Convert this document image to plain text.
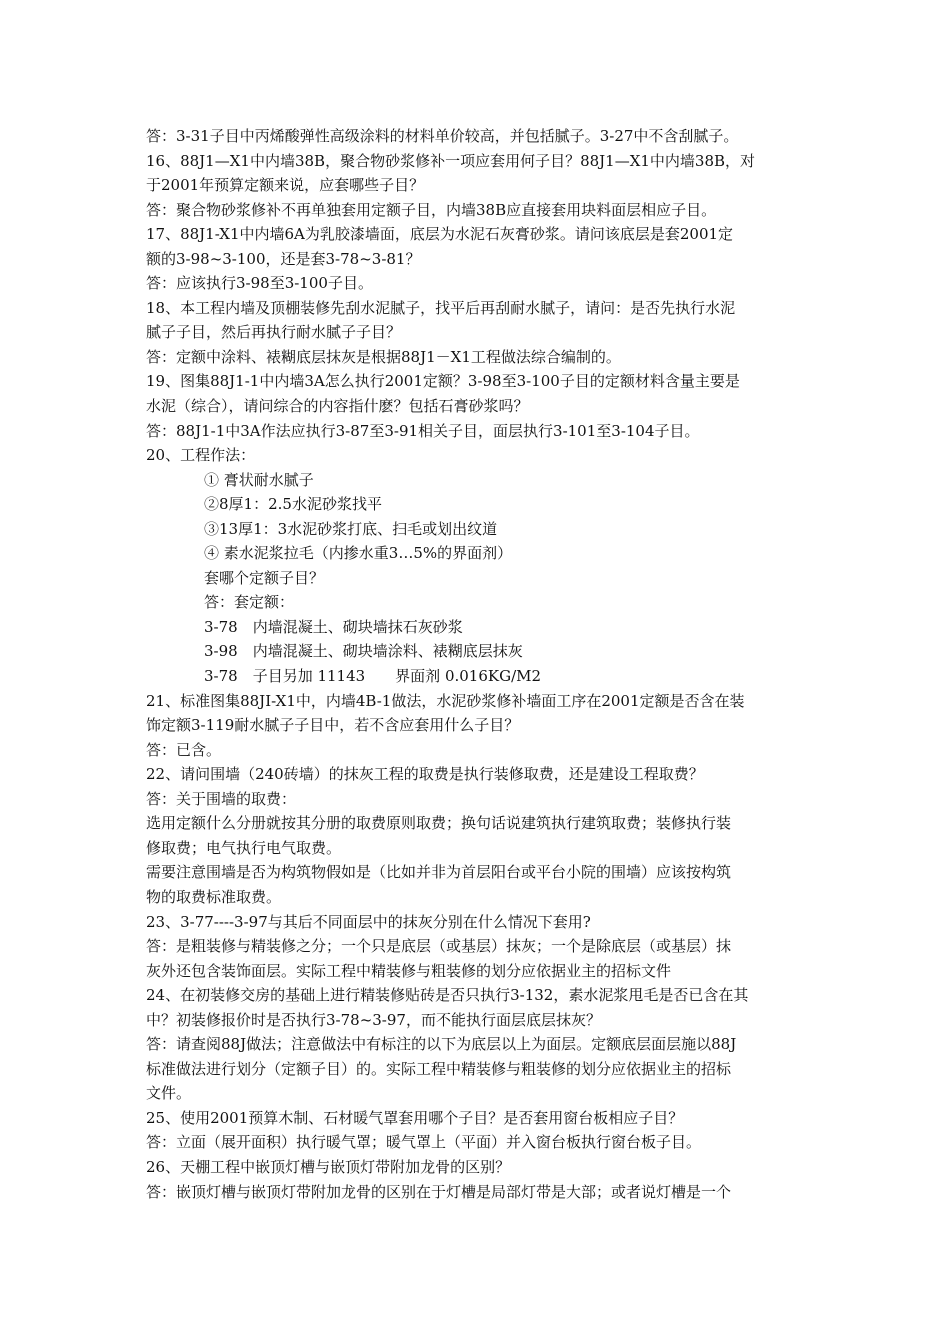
答：3-31子目中丙烯酸弹性高级涂料的材料单价较高，并包括腻子。3-27中不含刮腻子。
16、88J1—X1中内墙38B，聚合物砂浆修补一项应套用何子目？88J1—X1中内墙38B，对
于2001年预算定额来说，应套哪些子目？
答：聚合物砂浆修补不再单独套用定额子目，内墙38B应直接套用块料面层相应子目。
17、88J1-X1中内墙6A为乳胶漆墙面，底层为水泥石灰膏砂浆。请问该底层是套2001定
额的3-98~3-100，还是套3-78~3-81？
答：应该执行3-98至3-100子目。
18、本工程内墙及顶棚装修先刮水泥腻子，找平后再刮耐水腻子，请问：是否先执行水泥
腻子子目，然后再执行耐水腻子子目？
答：定额中涂料、裱糊底层抹灰是根据88J1－X1工程做法综合编制的。
19、图集88J1-1中内墙3A怎么执行2001定额？3-98至3-100子目的定额材料含量主要是
水泥（综合），请问综合的内容指什麽？包括石膏砂浆吗？
答：88J1-1中3A作法应执行3-87至3-91相关子目，面层执行3-101至3-104子目。
20、工程作法：
① 膏状耐水腻子
②8厚1：2.5水泥砂浆找平
③13厚1：3水泥砂浆打底、扫毛或划出纹道
④ 素水泥浆拉毛（内掺水重3…5%的界面剂）
套哪个定额子目？
答：套定额：
3-78　内墙混凝土、砌块墙抹石灰砂浆
3-98　内墙混凝土、砌块墙涂料、裱糊底层抹灰
3-78　子目另加 11143　　界面剂 0.016KG/M2
21、标准图集88JI-X1中，内墙4B-1做法，水泥砂浆修补墙面工序在2001定额是否含在装
饰定额3-119耐水腻子子目中，若不含应套用什么子目？
答：已含。
22、请问围墙（240砖墙）的抹灰工程的取费是执行装修取费，还是建设工程取费？
答：关于围墙的取费：
选用定额什么分册就按其分册的取费原则取费；换句话说建筑执行建筑取费；装修执行装
修取费；电气执行电气取费。
需要注意围墙是否为构筑物假如是（比如并非为首层阳台或平台小院的围墙）应该按构筑
物的取费标准取费。
23、3-77----3-97与其后不同面层中的抹灰分别在什么情况下套用?
答：是粗装修与精装修之分；一个只是底层（或基层）抹灰；一个是除底层（或基层）抹
灰外还包含装饰面层。实际工程中精装修与粗装修的划分应依据业主的招标文件
24、在初装修交房的基础上进行精装修贴砖是否只执行3-132，素水泥浆甩毛是否已含在其
中？初装修报价时是否执行3-78~3-97，而不能执行面层底层抹灰？
答：请查阅88J做法；注意做法中有标注的以下为底层以上为面层。定额底层面层施以88J
标准做法进行划分（定额子目）的。实际工程中精装修与粗装修的划分应依据业主的招标
文件。
25、使用2001预算木制、石材暖气罩套用哪个子目？是否套用窗台板相应子目？
答：立面（展开面积）执行暖气罩；暖气罩上（平面）并入窗台板执行窗台板子目。
26、天棚工程中嵌顶灯槽与嵌顶灯带附加龙骨的区别？
答：嵌顶灯槽与嵌顶灯带附加龙骨的区别在于灯槽是局部灯带是大部；或者说灯槽是一个
